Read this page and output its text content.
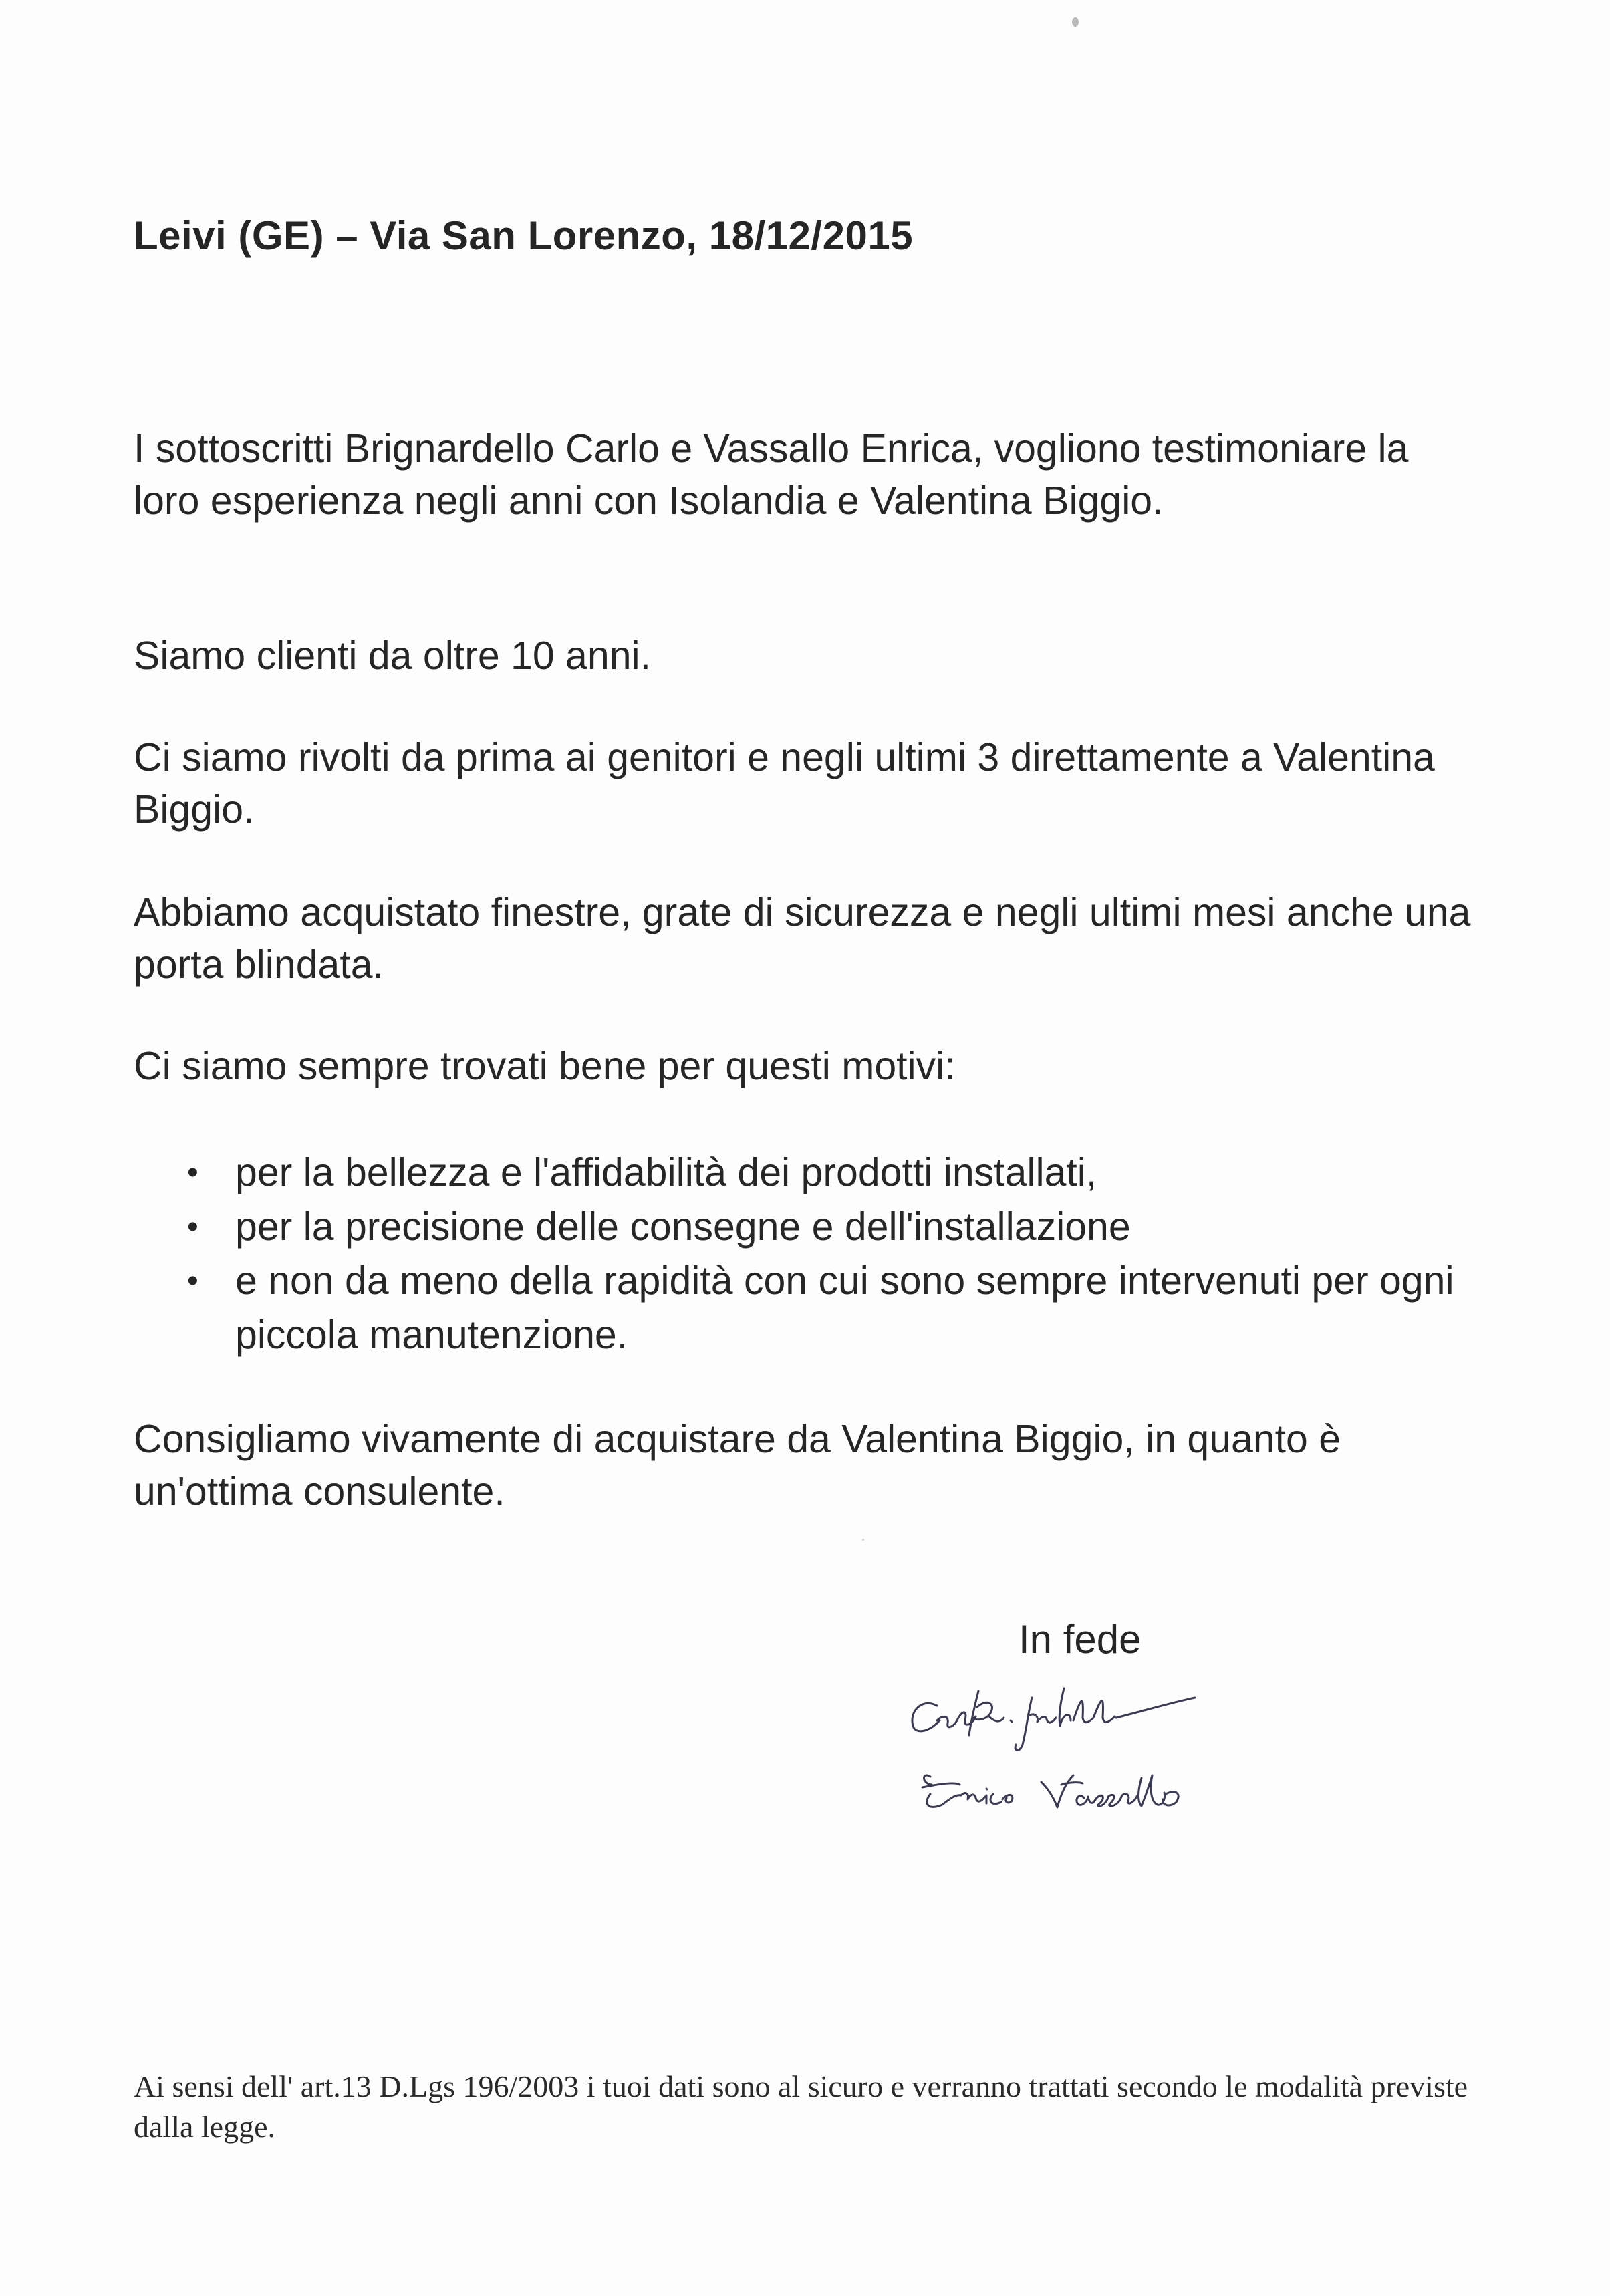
Leivi (GE) – Via San Lorenzo, 18/12/2015

I sottoscritti Brignardello Carlo e Vassallo Enrica, vogliono testimoniare la loro esperienza negli anni con Isolandia e Valentina Biggio.

Siamo clienti da oltre 10 anni.

Ci siamo rivolti da prima ai genitori e negli ultimi 3 direttamente a Valentina Biggio.

Abbiamo acquistato finestre, grate di sicurezza e negli ultimi mesi anche una porta blindata.

Ci siamo sempre trovati bene per questi motivi:

• per la bellezza e l'affidabilità dei prodotti installati,
• per la precisione delle consegne e dell'installazione
• e non da meno della rapidità con cui sono sempre intervenuti per ogni piccola manutenzione.

Consigliamo vivamente di acquistare da Valentina Biggio, in quanto è un'ottima consulente.

In fede
Ai sensi dell' art.13 D.Lgs 196/2003 i tuoi dati sono al sicuro e verranno trattati secondo le modalità previste dalla legge.
